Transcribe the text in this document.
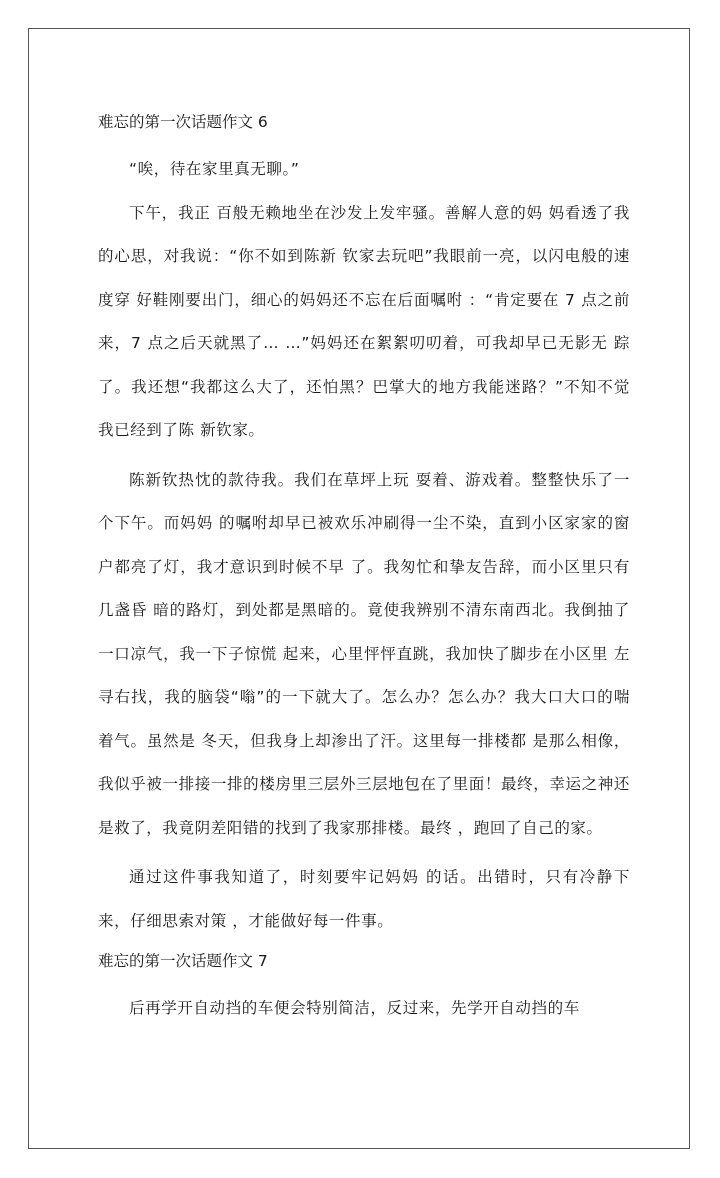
难忘的第一次话题作文 6

“唉，待在家里真无聊。”

下午，我正 百般无赖地坐在沙发上发牢骚。善解人意的妈 妈看透了我的心思，对我说：“你不如到陈新 钦家去玩吧”我眼前一亮，以闪电般的速度穿 好鞋刚要出门，细心的妈妈还不忘在后面嘱咐 ：“肯定要在 7 点之前来，7 点之后天就黑了… …”妈妈还在絮絮叨叨着，可我却早已无影无 踪了。我还想“我都这么大了，还怕黑？巴掌大的地方我能迷路？”不知不觉我已经到了陈 新钦家。

陈新钦热忱的款待我。我们在草坪上玩 耍着、游戏着。整整快乐了一个下午。而妈妈 的嘱咐却早已被欢乐冲刷得一尘不染，直到小区家家的窗户都亮了灯，我才意识到时候不早 了。我匆忙和挚友告辞，而小区里只有几盏昏 暗的路灯，到处都是黑暗的。竟使我辨别不清东南西北。我倒抽了一口凉气，我一下子惊慌 起来，心里怦怦直跳，我加快了脚步在小区里 左寻右找，我的脑袋“嗡”的一下就大了。怎么办？怎么办？我大口大口的喘着气。虽然是 冬天，但我身上却渗出了汗。这里每一排楼都 是那么相像，我似乎被一排接一排的楼房里三层外三层地包在了里面！最终，幸运之神还是救了，我竟阴差阳错的找到了我家那排楼。最终 ，跑回了自己的家。

通过这件事我知道了，时刻要牢记妈妈 的话。出错时，只有冷静下来，仔细思索对策 ，才能做好每一件事。

难忘的第一次话题作文 7

后再学开自动挡的车便会特别简洁，反过来，先学开自动挡的车
